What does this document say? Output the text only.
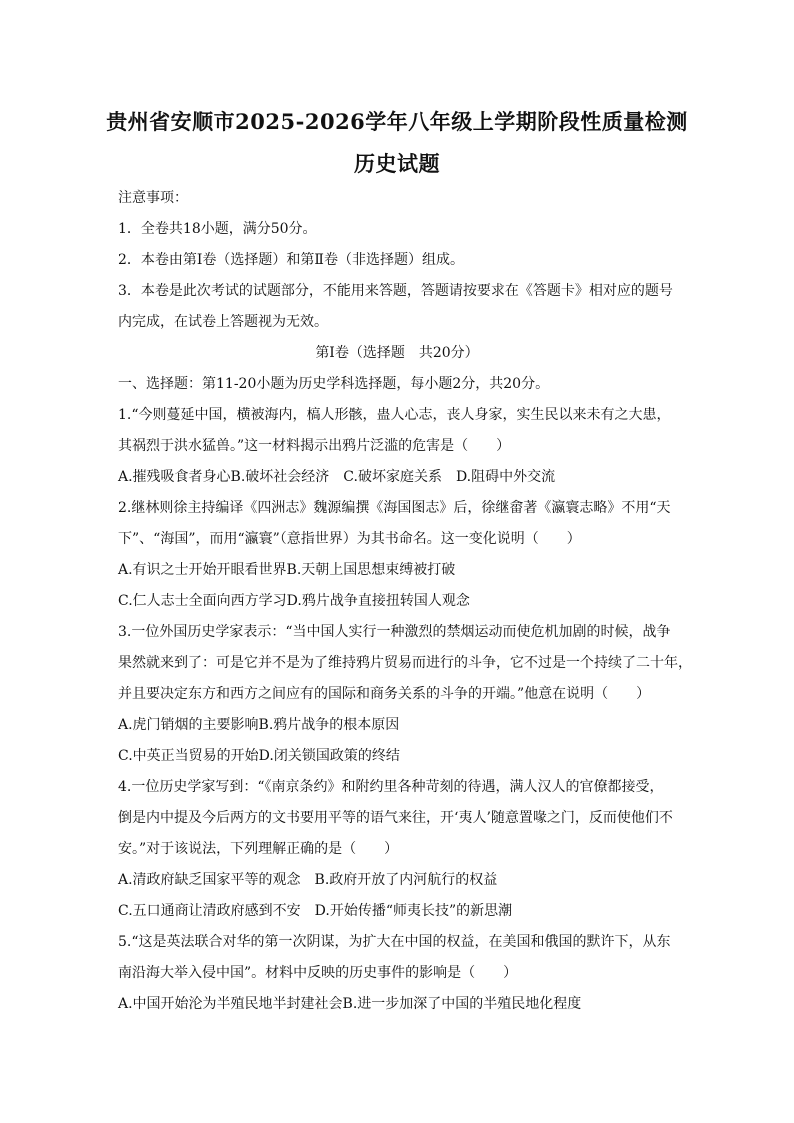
贵州省安顺市2025-2026学年八年级上学期阶段性质量检测
历史试题
注意事项：
1．全卷共18小题，满分50分。
2．本卷由第Ⅰ卷（选择题）和第Ⅱ卷（非选择题）组成。
3．本卷是此次考试的试题部分，不能用来答题，答题请按要求在《答题卡》相对应的题号
内完成，在试卷上答题视为无效。
第Ⅰ卷（选择题　共20分）
一、选择题：第11-20小题为历史学科选择题，每小题2分，共20分。
1.“今则蔓延中国，横被海内，槁人形骸，蛊人心志，丧人身家，实生民以来未有之大患，
其祸烈于洪水猛兽。”这一材料揭示出鸦片泛滥的危害是（　　）
A.摧残吸食者身心B.破坏社会经济　C.破坏家庭关系　D.阻碍中外交流
2.继林则徐主持编译《四洲志》魏源编撰《海国图志》后，徐继畲著《瀛寰志略》不用“天
下”、“海国”，而用“瀛寰”（意指世界）为其书命名。这一变化说明（　　）
A.有识之士开始开眼看世界B.天朝上国思想束缚被打破
C.仁人志士全面向西方学习D.鸦片战争直接扭转国人观念
3.一位外国历史学家表示：“当中国人实行一种激烈的禁烟运动而使危机加剧的时候，战争
果然就来到了：可是它并不是为了维持鸦片贸易而进行的斗争，它不过是一个持续了二十年，
并且要决定东方和西方之间应有的国际和商务关系的斗争的开端。”他意在说明（　　）
A.虎门销烟的主要影响B.鸦片战争的根本原因
C.中英正当贸易的开始D.闭关锁国政策的终结
4.一位历史学家写到：“《南京条约》和附约里各种苛刻的待遇，满人汉人的官僚都接受，
倒是内中提及今后两方的文书要用平等的语气来往，开‘夷人’随意置喙之门，反而使他们不
安。”对于该说法，下列理解正确的是（　　）
A.清政府缺乏国家平等的观念　B.政府开放了内河航行的权益
C.五口通商让清政府感到不安　D.开始传播“师夷长技”的新思潮
5.“这是英法联合对华的第一次阴谋，为扩大在中国的权益，在美国和俄国的默许下，从东
南沿海大举入侵中国”。材料中反映的历史事件的影响是（　　）
A.中国开始沦为半殖民地半封建社会B.进一步加深了中国的半殖民地化程度
